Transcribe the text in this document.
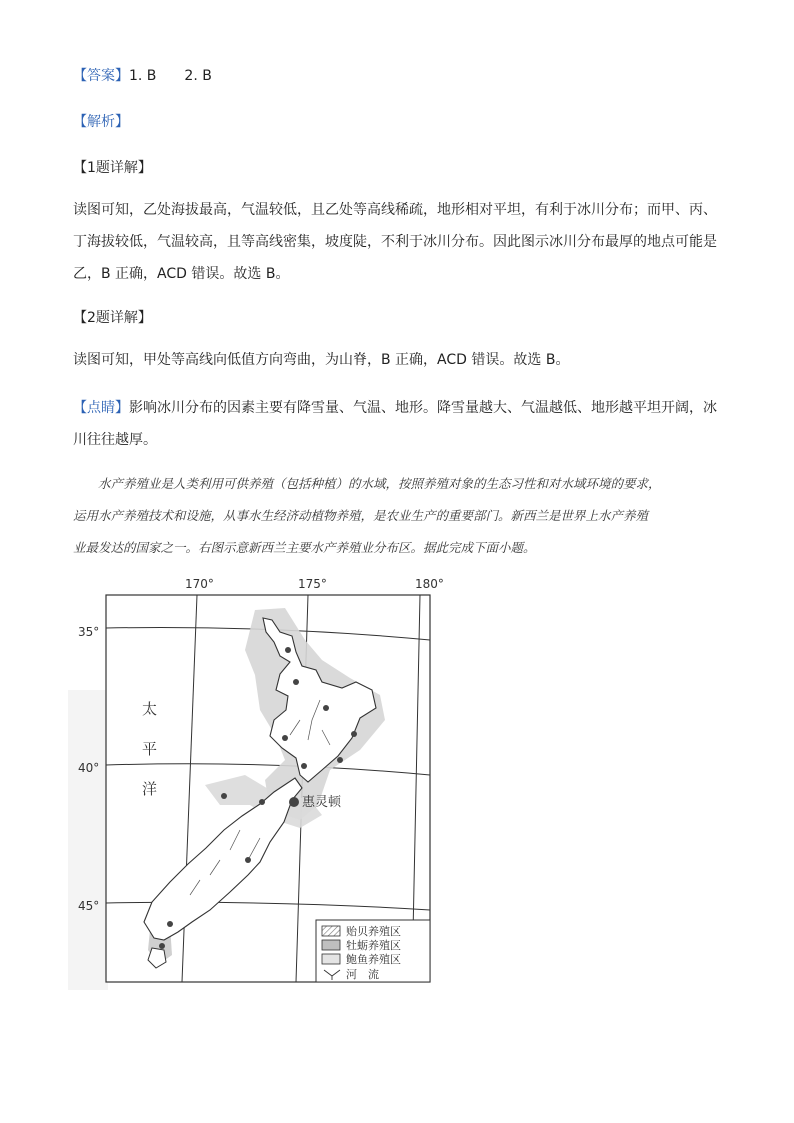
【答案】1. B　　2. B
【解析】
【1题详解】
读图可知，乙处海拔最高，气温较低，且乙处等高线稀疏，地形相对平坦，有利于冰川分布；而甲、丙、
丁海拔较低，气温较高，且等高线密集，坡度陡，不利于冰川分布。因此图示冰川分布最厚的地点可能是
乙，B 正确，ACD 错误。故选 B。
【2题详解】
读图可知，甲处等高线向低值方向弯曲，为山脊，B 正确，ACD 错误。故选 B。
【点睛】影响冰川分布的因素主要有降雪量、气温、地形。降雪量越大、气温越低、地形越平坦开阔，冰
川往往越厚。
　　水产养殖业是人类利用可供养殖（包括种植）的水域，按照养殖对象的生态习性和对水域环境的要求，
运用水产养殖技术和设施，从事水生经济动植物养殖，是农业生产的重要部门。新西兰是世界上水产养殖
业最发达的国家之一。右图示意新西兰主要水产养殖业分布区。据此完成下面小题。
170°	175°	180°
35°
40°
45°
太
平
洋
惠灵顿
贻贝养殖区
牡蛎养殖区
鲍鱼养殖区
河　流
